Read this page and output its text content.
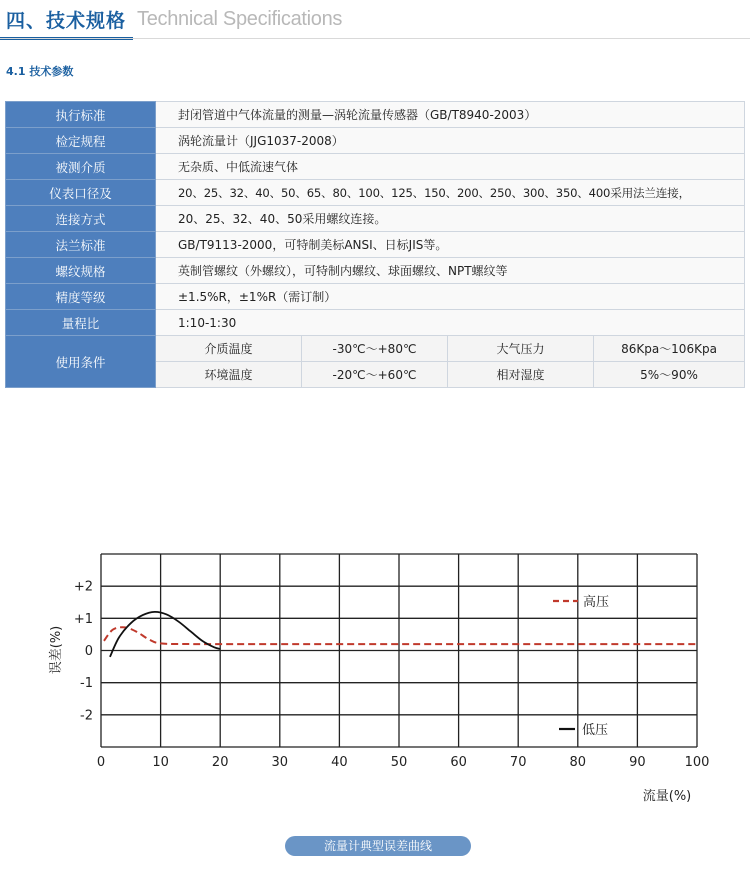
四、技术规格 Technical Specifications
4.1 技术参数
执行标准	封闭管道中气体流量的测量—涡轮流量传感器（GB/T8940-2003）			
检定规程	涡轮流量计（JJG1037-2008）			
被测介质	无杂质、中低流速气体			
仪表口径及	20、25、32、40、50、65、80、100、125、150、200、250、300、350、400采用法兰连接，			
连接方式	20、25、32、40、50采用螺纹连接。			
法兰标准	GB/T9113-2000，可特制美标ANSI、日标JIS等。			
螺纹规格	英制管螺纹（外螺纹），可特制内螺纹、球面螺纹、NPT螺纹等			
精度等级	±1.5%R，±1%R（需订制）			
量程比	1:10-1:30			
使用条件	介质温度	-30℃～+80℃	大气压力	86Kpa～106Kpa
	环境温度	-20℃～+60℃	相对湿度	5%～90%
0	10	20	30	40	50	60	70	80	90	100
+2
+1
0
-1
-2
高压
低压
误差(%)
流量(%)
流量计典型误差曲线
